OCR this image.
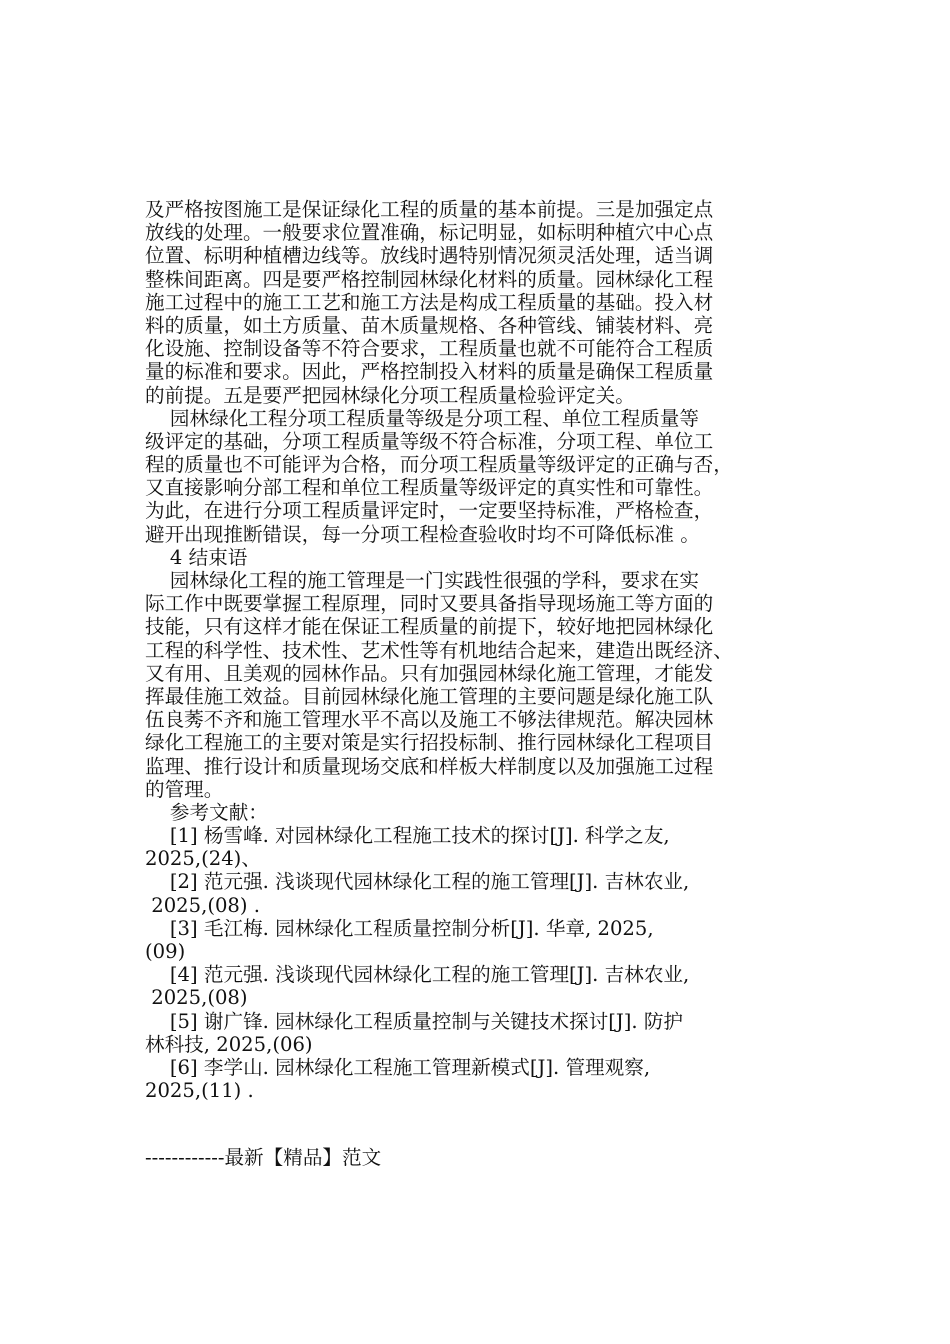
及严格按图施工是保证绿化工程的质量的基本前提。三是加强定点
放线的处理。一般要求位置准确，标记明显，如标明种植穴中心点
位置、标明种植槽边线等。放线时遇特别情况须灵活处理，适当调
整株间距离。四是要严格控制园林绿化材料的质量。园林绿化工程
施工过程中的施工工艺和施工方法是构成工程质量的基础。投入材
料的质量，如土方质量、苗木质量规格、各种管线、铺装材料、亮
化设施、控制设备等不符合要求，工程质量也就不可能符合工程质
量的标准和要求。因此，严格控制投入材料的质量是确保工程质量
的前提。五是要严把园林绿化分项工程质量检验评定关。
园林绿化工程分项工程质量等级是分项工程、单位工程质量等
级评定的基础，分项工程质量等级不符合标准，分项工程、单位工
程的质量也不可能评为合格，而分项工程质量等级评定的正确与否，
又直接影响分部工程和单位工程质量等级评定的真实性和可靠性。
为此，在进行分项工程质量评定时，一定要坚持标准，严格检查，
避开出现推断错误，每一分项工程检查验收时均不可降低标准 。
4 结束语
园林绿化工程的施工管理是一门实践性很强的学科，要求在实
际工作中既要掌握工程原理，同时又要具备指导现场施工等方面的
技能，只有这样才能在保证工程质量的前提下，较好地把园林绿化
工程的科学性、技术性、艺术性等有机地结合起来，建造出既经济、
又有用、且美观的园林作品。只有加强园林绿化施工管理，才能发
挥最佳施工效益。目前园林绿化施工管理的主要问题是绿化施工队
伍良莠不齐和施工管理水平不高以及施工不够法律规范。解决园林
绿化工程施工的主要对策是实行招投标制、推行园林绿化工程项目
监理、推行设计和质量现场交底和样板大样制度以及加强施工过程
的管理。
参考文献：
[1] 杨雪峰. 对园林绿化工程施工技术的探讨[J]. 科学之友,
2025,(24)、
[2] 范元强. 浅谈现代园林绿化工程的施工管理[J]. 吉林农业,
2025,(08) .
[3] 毛江梅. 园林绿化工程质量控制分析[J]. 华章, 2025,
(09)
[4] 范元强. 浅谈现代园林绿化工程的施工管理[J]. 吉林农业,
2025,(08)
[5] 谢广锋. 园林绿化工程质量控制与关键技术探讨[J]. 防护
林科技, 2025,(06)
[6] 李学山. 园林绿化工程施工管理新模式[J]. 管理观察,
2025,(11) .
------------最新【精品】范文
